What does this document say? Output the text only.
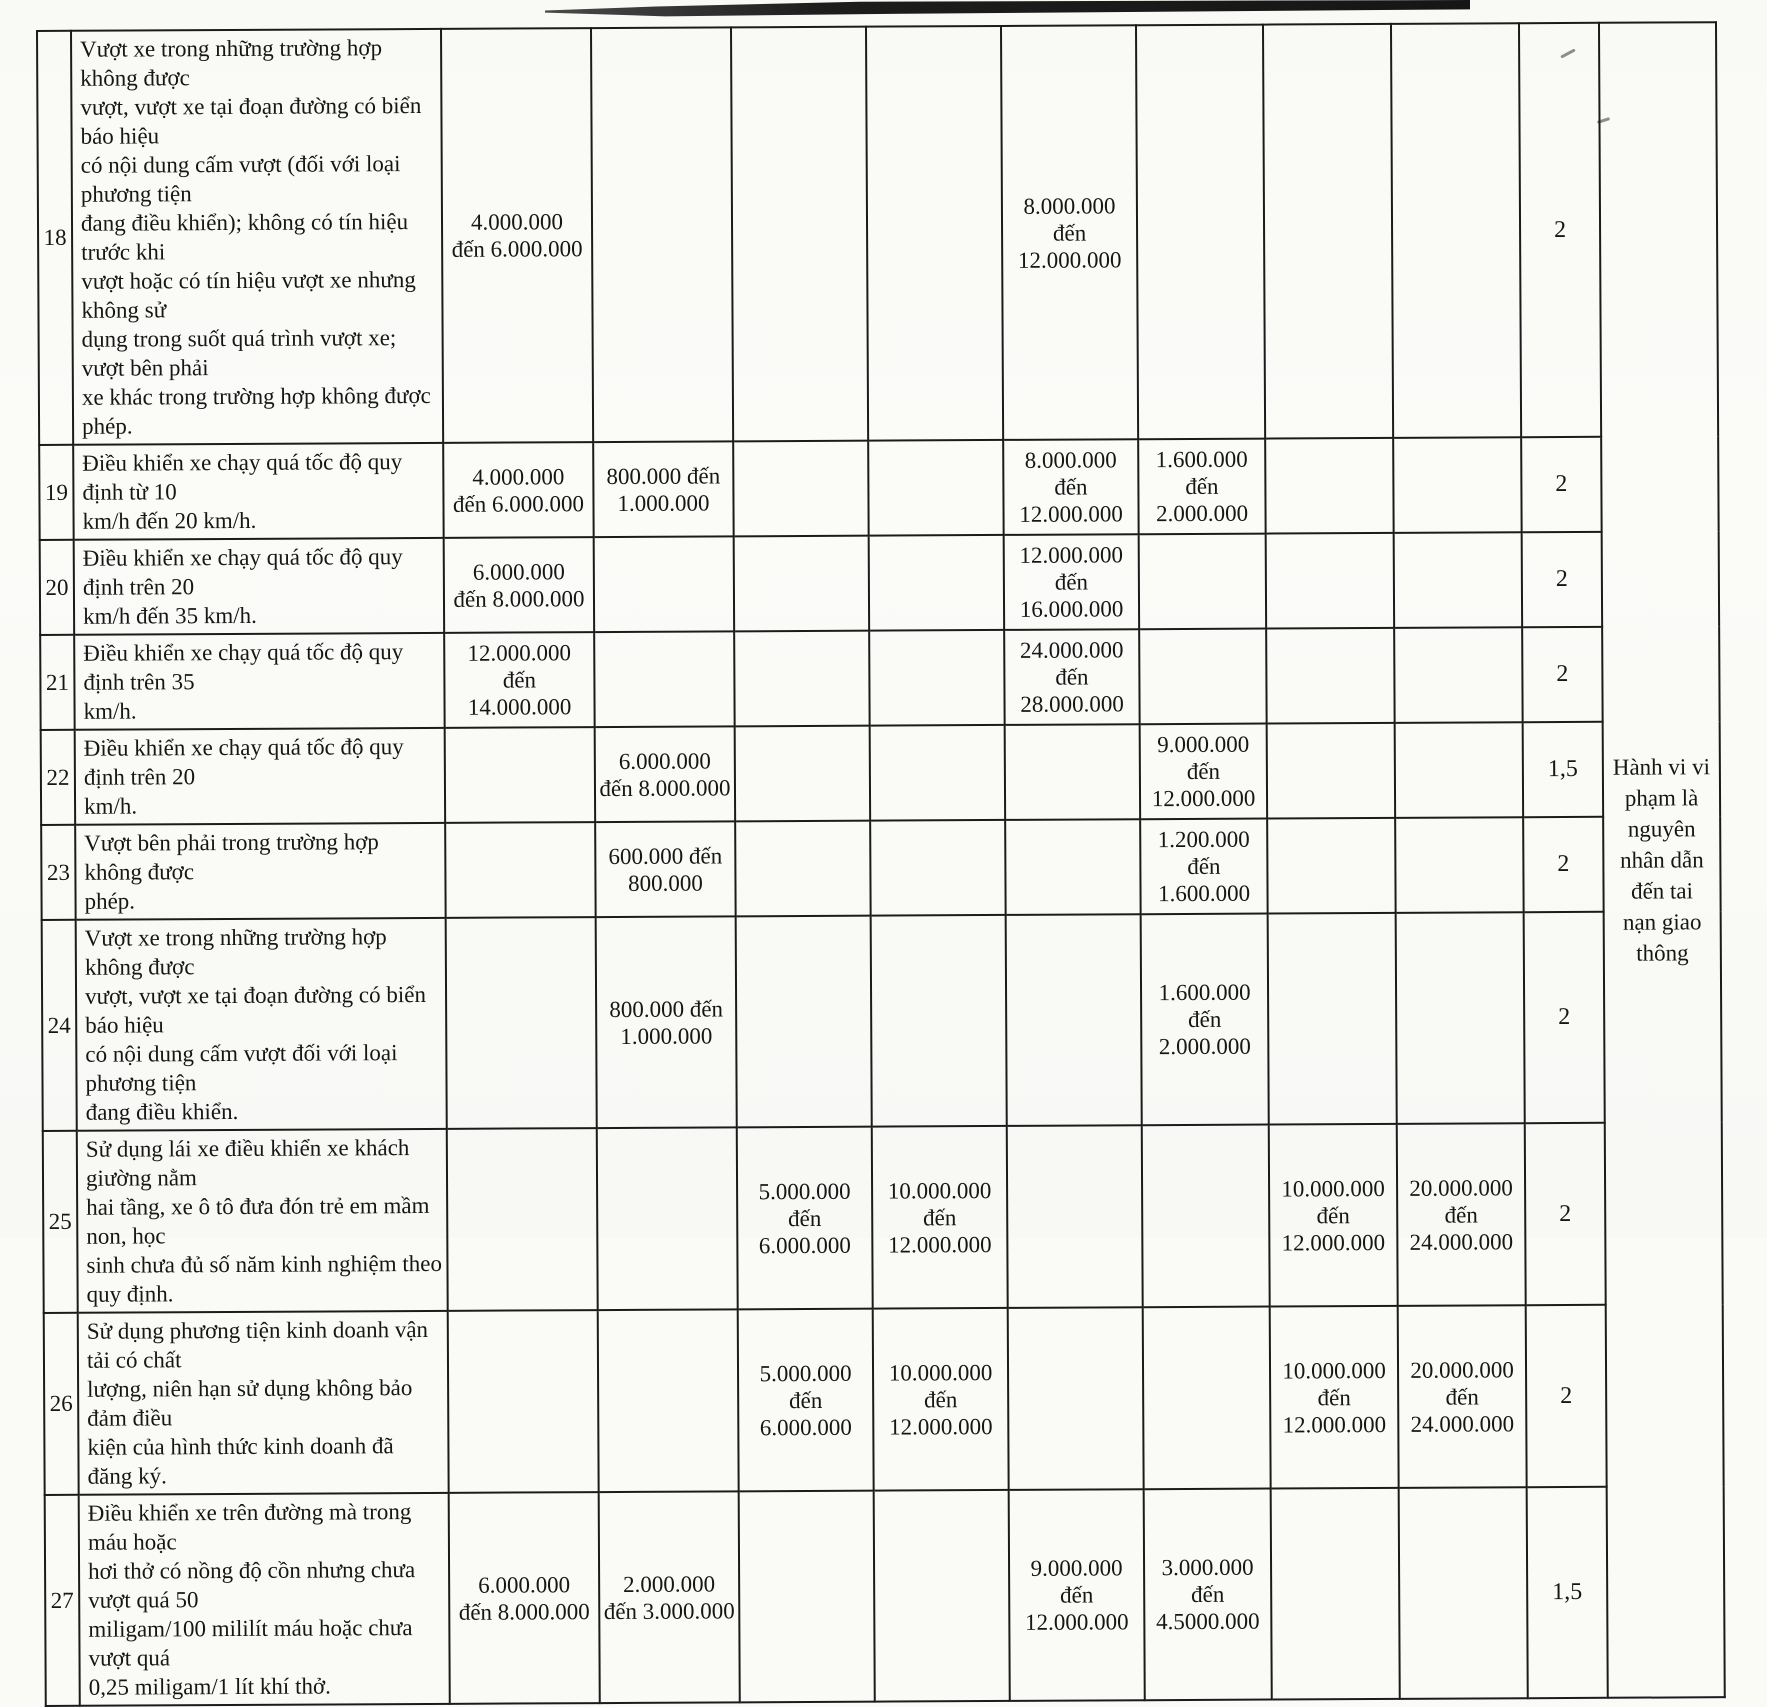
18	Vượt xe trong những trường hợp không được
vượt, vượt xe tại đoạn đường có biển báo hiệu
có nội dung cấm vượt (đối với loại phương tiện
đang điều khiển); không có tín hiệu trước khi
vượt hoặc có tín hiệu vượt xe nhưng không sử
dụng trong suốt quá trình vượt xe; vượt bên phải
xe khác trong trường hợp không được phép.	4.000.000
đến 6.000.000				8.000.000 đến
12.000.000				2	Hành vi vi
phạm là
nguyên
nhân dẫn
đến tai
nạn giao
thông
19	Điều khiển xe chạy quá tốc độ quy định từ 10
km/h đến 20 km/h.	4.000.000
đến 6.000.000	800.000 đến
1.000.000			8.000.000 đến
12.000.000	1.600.000
đến
2.000.000			2	
20	Điều khiển xe chạy quá tốc độ quy định trên 20
km/h đến 35 km/h.	6.000.000
đến 8.000.000				12.000.000
đến
16.000.000				2	
21	Điều khiển xe chạy quá tốc độ quy định trên 35
km/h.	12.000.000
đến
14.000.000				24.000.000
đến
28.000.000				2	
22	Điều khiển xe chạy quá tốc độ quy định trên 20
km/h.		6.000.000
đến 8.000.000				9.000.000
đến
12.000.000			1,5	
23	Vượt bên phải trong trường hợp không được
phép.		600.000 đến
800.000				1.200.000
đến
1.600.000			2	
24	Vượt xe trong những trường hợp không được
vượt, vượt xe tại đoạn đường có biển báo hiệu
có nội dung cấm vượt đối với loại phương tiện
đang điều khiển.		800.000 đến
1.000.000				1.600.000
đến
2.000.000			2	
25	Sử dụng lái xe điều khiển xe khách giường nằm
hai tầng, xe ô tô đưa đón trẻ em mầm non, học
sinh chưa đủ số năm kinh nghiệm theo quy định.			5.000.000 đến
6.000.000	10.000.000
đến
12.000.000			10.000.000
đến
12.000.000	20.000.000
đến
24.000.000	2	
26	Sử dụng phương tiện kinh doanh vận tải có chất
lượng, niên hạn sử dụng không bảo đảm điều
kiện của hình thức kinh doanh đã đăng ký.			5.000.000 đến
6.000.000	10.000.000
đến
12.000.000			10.000.000
đến
12.000.000	20.000.000
đến
24.000.000	2	
27	Điều khiển xe trên đường mà trong máu hoặc
hơi thở có nồng độ cồn nhưng chưa vượt quá 50
miligam/100 mililít máu hoặc chưa vượt quá
0,25 miligam/1 lít khí thở.	6.000.000
đến 8.000.000	2.000.000
đến 3.000.000			9.000.000 đến
12.000.000	3.000.000
đến
4.5000.000			1,5	
